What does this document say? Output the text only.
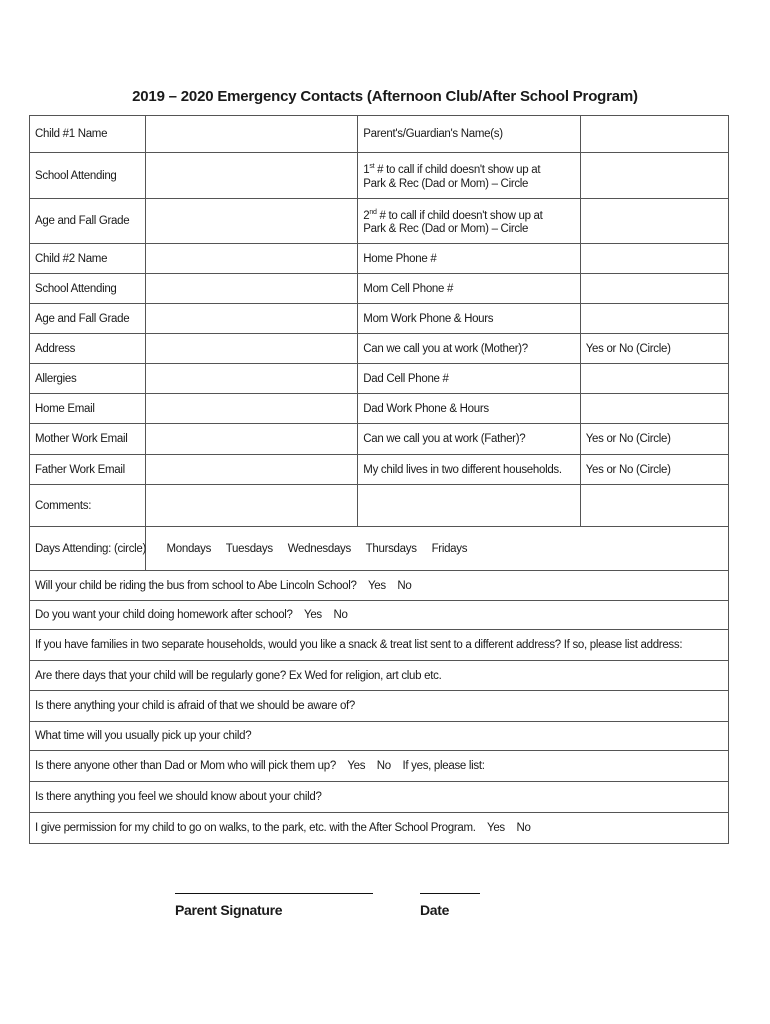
2019 – 2020 Emergency Contacts (Afternoon Club/After School Program)
Child #1 Name		Parent's/Guardian's Name(s)	
School Attending		1st # to call if child doesn't show up at
Park & Rec (Dad or Mom) – Circle	
Age and Fall Grade		2nd # to call if child doesn't show up at
Park & Rec (Dad or Mom) – Circle	
Child #2 Name		Home Phone #	
School Attending		Mom Cell Phone #	
Age and Fall Grade		Mom Work Phone & Hours	
Address		Can we call you at work (Mother)?	Yes or No (Circle)
Allergies		Dad Cell Phone #	
Home Email		Dad Work Phone & Hours	
Mother Work Email		Can we call you at work (Father)?	Yes or No (Circle)
Father Work Email		My child lives in two different households.	Yes or No (Circle)
Comments:			
Days Attending: (circle)	Mondays Tuesdays Wednesdays Thursdays Fridays		
Will your child be riding the bus from school to Abe Lincoln School?    Yes    No			
Do you want your child doing homework after school?    Yes    No			
If you have families in two separate households, would you like a snack & treat list sent to a different address? If so, please list address:			
Are there days that your child will be regularly gone? Ex Wed for religion, art club etc.			
Is there anything your child is afraid of that we should be aware of?			
What time will you usually pick up your child?			
Is there anyone other than Dad or Mom who will pick them up?    Yes    No    If yes, please list:			
Is there anything you feel we should know about your child?			
I give permission for my child to go on walks, to the park, etc. with the After School Program.    Yes    No			
Parent Signature	Date
